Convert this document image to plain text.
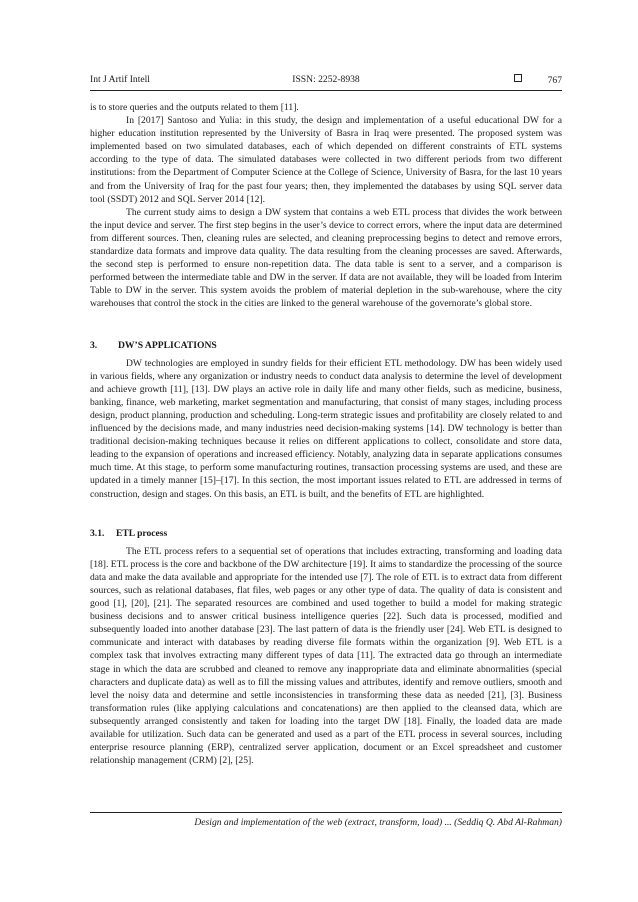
Int J Artif Intell	ISSN: 2252-8938	767

is to store queries and the outputs related to them [11].

In [2017] Santoso and Yulia: in this study, the design and implementation of a useful educational DW for a higher education institution represented by the University of Basra in Iraq were presented. The proposed system was implemented based on two simulated databases, each of which depended on different constraints of ETL systems according to the type of data. The simulated databases were collected in two different periods from two different institutions: from the Department of Computer Science at the College of Science, University of Basra, for the last 10 years and from the University of Iraq for the past four years; then, they implemented the databases by using SQL server data tool (SSDT) 2012 and SQL Server 2014 [12].

The current study aims to design a DW system that contains a web ETL process that divides the work between the input device and server. The first step begins in the user’s device to correct errors, where the input data are determined from different sources. Then, cleaning rules are selected, and cleaning preprocessing begins to detect and remove errors, standardize data formats and improve data quality. The data resulting from the cleaning processes are saved. Afterwards, the second step is performed to ensure non-repetition data. The data table is sent to a server, and a comparison is performed between the intermediate table and DW in the server. If data are not available, they will be loaded from Interim Table to DW in the server. This system avoids the problem of material depletion in the sub-warehouse, where the city warehouses that control the stock in the cities are linked to the general warehouse of the governorate’s global store.

3. DW’S APPLICATIONS

DW technologies are employed in sundry fields for their efficient ETL methodology. DW has been widely used in various fields, where any organization or industry needs to conduct data analysis to determine the level of development and achieve growth [11], [13]. DW plays an active role in daily life and many other fields, such as medicine, business, banking, finance, web marketing, market segmentation and manufacturing, that consist of many stages, including process design, product planning, production and scheduling. Long-term strategic issues and profitability are closely related to and influenced by the decisions made, and many industries need decision-making systems [14]. DW technology is better than traditional decision-making techniques because it relies on different applications to collect, consolidate and store data, leading to the expansion of operations and increased efficiency. Notably, analyzing data in separate applications consumes much time. At this stage, to perform some manufacturing routines, transaction processing systems are used, and these are updated in a timely manner [15]–[17]. In this section, the most important issues related to ETL are addressed in terms of construction, design and stages. On this basis, an ETL is built, and the benefits of ETL are highlighted.

3.1. ETL process

The ETL process refers to a sequential set of operations that includes extracting, transforming and loading data [18]. ETL process is the core and backbone of the DW architecture [19]. It aims to standardize the processing of the source data and make the data available and appropriate for the intended use [7]. The role of ETL is to extract data from different sources, such as relational databases, flat files, web pages or any other type of data. The quality of data is consistent and good [1], [20], [21]. The separated resources are combined and used together to build a model for making strategic business decisions and to answer critical business intelligence queries [22]. Such data is processed, modified and subsequently loaded into another database [23]. The last pattern of data is the friendly user [24]. Web ETL is designed to communicate and interact with databases by reading diverse file formats within the organization [9]. Web ETL is a complex task that involves extracting many different types of data [11]. The extracted data go through an intermediate stage in which the data are scrubbed and cleaned to remove any inappropriate data and eliminate abnormalities (special characters and duplicate data) as well as to fill the missing values and attributes, identify and remove outliers, smooth and level the noisy data and determine and settle inconsistencies in transforming these data as needed [21], [3]. Business transformation rules (like applying calculations and concatenations) are then applied to the cleansed data, which are subsequently arranged consistently and taken for loading into the target DW [18]. Finally, the loaded data are made available for utilization. Such data can be generated and used as a part of the ETL process in several sources, including enterprise resource planning (ERP), centralized server application, document or an Excel spreadsheet and customer relationship management (CRM) [2], [25].

Design and implementation of the web (extract, transform, load) ... (Seddiq Q. Abd Al-Rahman)
